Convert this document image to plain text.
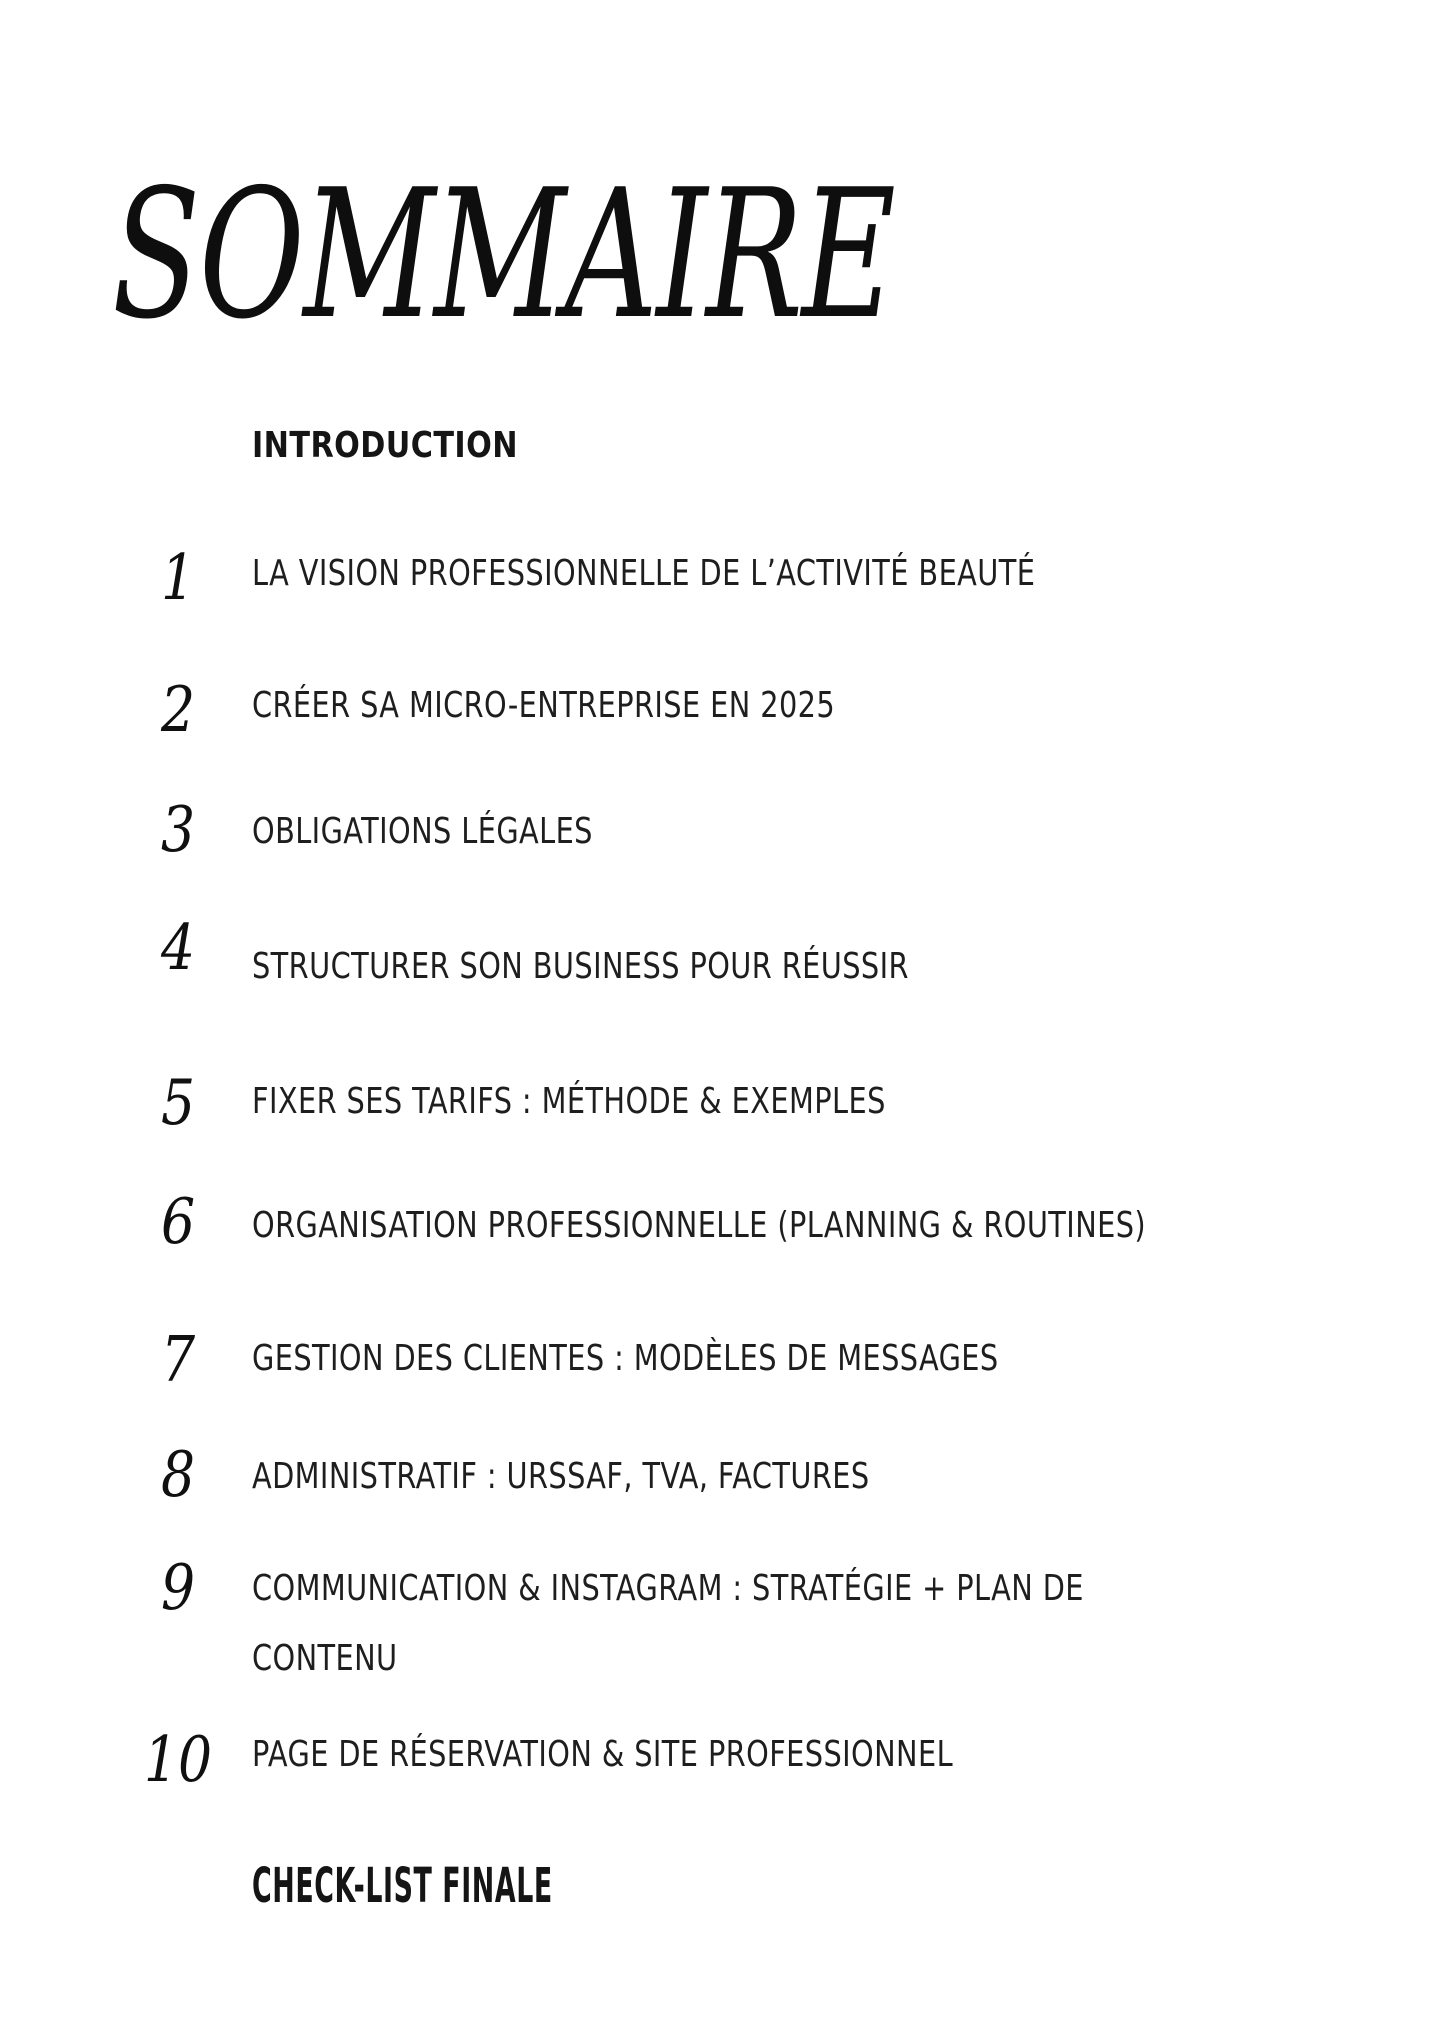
SOMMAIRE
INTRODUCTION
1	LA VISION PROFESSIONNELLE DE L’ACTIVITÉ BEAUTÉ
2	CRÉER SA MICRO-ENTREPRISE EN 2025
3	OBLIGATIONS LÉGALES
4	STRUCTURER SON BUSINESS POUR RÉUSSIR
5	FIXER SES TARIFS : MÉTHODE & EXEMPLES
6	ORGANISATION PROFESSIONNELLE (PLANNING & ROUTINES)
7	GESTION DES CLIENTES : MODÈLES DE MESSAGES
8	ADMINISTRATIF : URSSAF, TVA, FACTURES
9	COMMUNICATION & INSTAGRAM : STRATÉGIE + PLAN DE CONTENU
10 PAGE DE RÉSERVATION & SITE PROFESSIONNEL
CHECK-LIST FINALE
